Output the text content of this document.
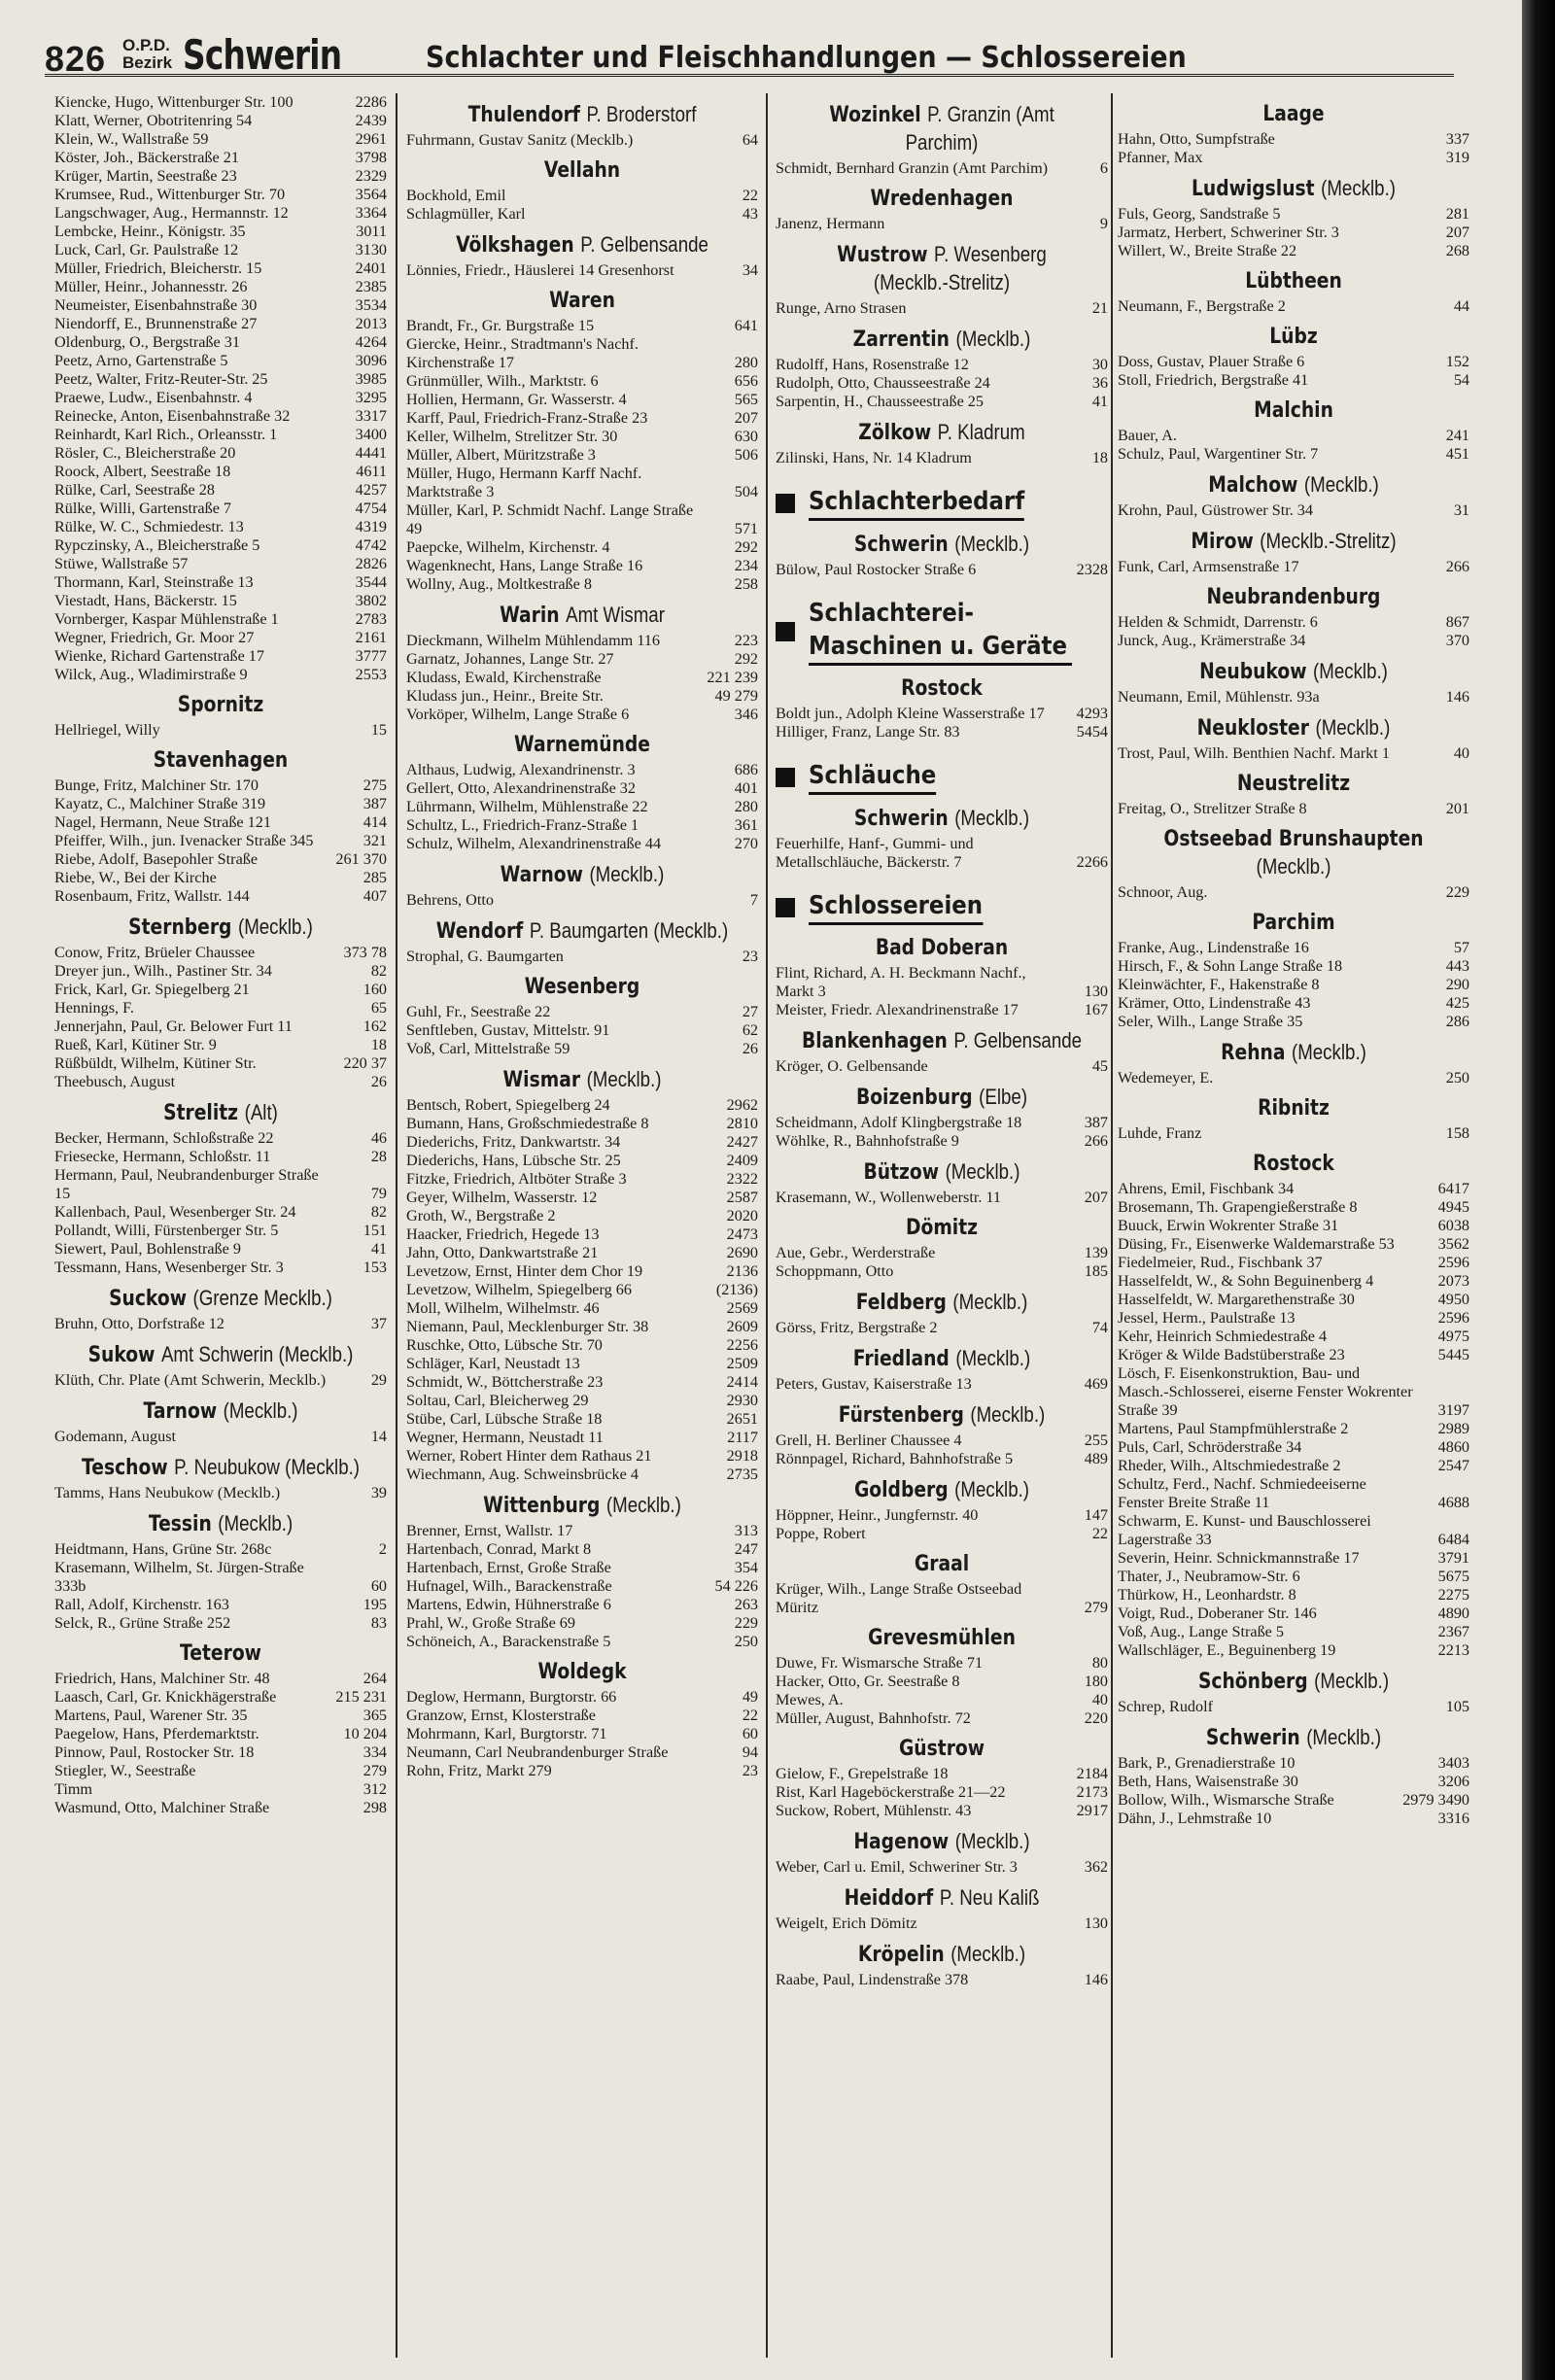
826 O.P.D.
Bezirk Schwerin	Schlachter und Fleischhandlungen — Schlossereien
Kiencke, Hugo, Wittenburger Str. 100	2286
Klatt, Werner, Obotritenring 54	2439
Klein, W., Wallstraße 59	2961
Köster, Joh., Bäckerstraße 21	3798
Krüger, Martin, Seestraße 23	2329
Krumsee, Rud., Wittenburger Str. 70	3564
Langschwager, Aug., Hermannstr. 12	3364
Lembcke, Heinr., Königstr. 35	3011
Luck, Carl, Gr. Paulstraße 12	3130
Müller, Friedrich, Bleicherstr. 15	2401
Müller, Heinr., Johannesstr. 26	2385
Neumeister, Eisenbahnstraße 30	3534
Niendorff, E., Brunnenstraße 27	2013
Oldenburg, O., Bergstraße 31	4264
Peetz, Arno, Gartenstraße 5	3096
Peetz, Walter, Fritz-Reuter-Str. 25	3985
Praewe, Ludw., Eisenbahnstr. 4	3295
Reinecke, Anton, Eisenbahnstraße 32	3317
Reinhardt, Karl Rich., Orleansstr. 1	3400
Rösler, C., Bleicherstraße 20	4441
Roock, Albert, Seestraße 18	4611
Rülke, Carl, Seestraße 28	4257
Rülke, Willi, Gartenstraße 7	4754
Rülke, W. C., Schmiedestr. 13	4319
Rypczinsky, A., Bleicherstraße 5	4742
Stüwe, Wallstraße 57	2826
Thormann, Karl, Steinstraße 13	3544
Viestadt, Hans, Bäckerstr. 15	3802
Vornberger, Kaspar Mühlenstraße 1	2783
Wegner, Friedrich, Gr. Moor 27	2161
Wienke, Richard Gartenstraße 17	3777
Wilck, Aug., Wladimirstraße 9	2553
Spornitz
Hellriegel, Willy	15
Stavenhagen
Bunge, Fritz, Malchiner Str. 170	275
Kayatz, C., Malchiner Straße 319	387
Nagel, Hermann, Neue Straße 121	414
Pfeiffer, Wilh., jun. Ivenacker Straße 345	321
Riebe, Adolf, Basepohler Straße	261 370
Riebe, W., Bei der Kirche	285
Rosenbaum, Fritz, Wallstr. 144	407
Sternberg (Mecklb.)
Conow, Fritz, Brüeler Chaussee	373 78
Dreyer jun., Wilh., Pastiner Str. 34	82
Frick, Karl, Gr. Spiegelberg 21	160
Hennings, F.	65
Jennerjahn, Paul, Gr. Belower Furt 11	162
Rueß, Karl, Kütiner Str. 9	18
Rüßbüldt, Wilhelm, Kütiner Str.	220 37
Theebusch, August	26
Strelitz (Alt)
Becker, Hermann, Schloßstraße 22	46
Friesecke, Hermann, Schloßstr. 11	28
Hermann, Paul, Neubrandenburger Straße 15	79
Kallenbach, Paul, Wesenberger Str. 24	82
Pollandt, Willi, Fürstenberger Str. 5	151
Siewert, Paul, Bohlenstraße 9	41
Tessmann, Hans, Wesenberger Str. 3	153
Suckow (Grenze Mecklb.)
Bruhn, Otto, Dorfstraße 12	37
Sukow Amt Schwerin (Mecklb.)
Klüth, Chr. Plate (Amt Schwerin, Mecklb.)	29
Tarnow (Mecklb.)
Godemann, August	14
Teschow P. Neubukow (Mecklb.)
Tamms, Hans Neubukow (Mecklb.)	39
Tessin (Mecklb.)
Heidtmann, Hans, Grüne Str. 268c	2
Krasemann, Wilhelm, St. Jürgen-Straße 333b	60
Rall, Adolf, Kirchenstr. 163	195
Selck, R., Grüne Straße 252	83
Teterow
Friedrich, Hans, Malchiner Str. 48	264
Laasch, Carl, Gr. Knickhägerstraße	215 231
Martens, Paul, Warener Str. 35	365
Paegelow, Hans, Pferdemarktstr.	10 204
Pinnow, Paul, Rostocker Str. 18	334
Stiegler, W., Seestraße	279
Timm	312
Wasmund, Otto, Malchiner Straße	298
Thulendorf P. Broderstorf
Fuhrmann, Gustav Sanitz (Mecklb.)	64
Vellahn
Bockhold, Emil	22
Schlagmüller, Karl	43
Völkshagen P. Gelbensande
Lönnies, Friedr., Häuslerei 14 Gresenhorst	34
Waren
Brandt, Fr., Gr. Burgstraße 15	641
Giercke, Heinr., Stradtmann's Nachf. Kirchenstraße 17	280
Grünmüller, Wilh., Marktstr. 6	656
Hollien, Hermann, Gr. Wasserstr. 4	565
Karff, Paul, Friedrich-Franz-Straße 23	207
Keller, Wilhelm, Strelitzer Str. 30	630
Müller, Albert, Müritzstraße 3	506
Müller, Hugo, Hermann Karff Nachf. Marktstraße 3	504
Müller, Karl, P. Schmidt Nachf. Lange Straße 49	571
Paepcke, Wilhelm, Kirchenstr. 4	292
Wagenknecht, Hans, Lange Straße 16	234
Wollny, Aug., Moltkestraße 8	258
Warin Amt Wismar
Dieckmann, Wilhelm Mühlendamm 116	223
Garnatz, Johannes, Lange Str. 27	292
Kludass, Ewald, Kirchenstraße	221 239
Kludass jun., Heinr., Breite Str.	49 279
Vorköper, Wilhelm, Lange Straße 6	346
Warnemünde
Althaus, Ludwig, Alexandrinenstr. 3	686
Gellert, Otto, Alexandrinenstraße 32	401
Lührmann, Wilhelm, Mühlenstraße 22	280
Schultz, L., Friedrich-Franz-Straße 1	361
Schulz, Wilhelm, Alexandrinenstraße 44	270
Warnow (Mecklb.)
Behrens, Otto	7
Wendorf P. Baumgarten (Mecklb.)
Strophal, G. Baumgarten	23
Wesenberg
Guhl, Fr., Seestraße 22	27
Senftleben, Gustav, Mittelstr. 91	62
Voß, Carl, Mittelstraße 59	26
Wismar (Mecklb.)
Bentsch, Robert, Spiegelberg 24	2962
Bumann, Hans, Großschmiedestraße 8	2810
Diederichs, Fritz, Dankwartstr. 34	2427
Diederichs, Hans, Lübsche Str. 25	2409
Fitzke, Friedrich, Altböter Straße 3	2322
Geyer, Wilhelm, Wasserstr. 12	2587
Groth, W., Bergstraße 2	2020
Haacker, Friedrich, Hegede 13	2473
Jahn, Otto, Dankwartstraße 21	2690
Levetzow, Ernst, Hinter dem Chor 19	2136
Levetzow, Wilhelm, Spiegelberg 66	(2136)
Moll, Wilhelm, Wilhelmstr. 46	2569
Niemann, Paul, Mecklenburger Str. 38	2609
Ruschke, Otto, Lübsche Str. 70	2256
Schläger, Karl, Neustadt 13	2509
Schmidt, W., Böttcherstraße 23	2414
Soltau, Carl, Bleicherweg 29	2930
Stübe, Carl, Lübsche Straße 18	2651
Wegner, Hermann, Neustadt 11	2117
Werner, Robert Hinter dem Rathaus 21	2918
Wiechmann, Aug. Schweinsbrücke 4	2735
Wittenburg (Mecklb.)
Brenner, Ernst, Wallstr. 17	313
Hartenbach, Conrad, Markt 8	247
Hartenbach, Ernst, Große Straße	354
Hufnagel, Wilh., Barackenstraße	54 226
Martens, Edwin, Hühnerstraße 6	263
Prahl, W., Große Straße 69	229
Schöneich, A., Barackenstraße 5	250
Woldegk
Deglow, Hermann, Burgtorstr. 66	49
Granzow, Ernst, Klosterstraße	22
Mohrmann, Karl, Burgtorstr. 71	60
Neumann, Carl Neubrandenburger Straße	94
Rohn, Fritz, Markt 279	23
Wozinkel P. Granzin (Amt Parchim)
Schmidt, Bernhard Granzin (Amt Parchim)	6
Wredenhagen
Janenz, Hermann	9
Wustrow P. Wesenberg (Mecklb.-Strelitz)
Runge, Arno Strasen	21
Zarrentin (Mecklb.)
Rudolff, Hans, Rosenstraße 12	30
Rudolph, Otto, Chausseestraße 24	36
Sarpentin, H., Chausseestraße 25	41
Zölkow P. Kladrum
Zilinski, Hans, Nr. 14 Kladrum	18
Schlachterbedarf
Schwerin (Mecklb.)
Bülow, Paul Rostocker Straße 6	2328
Schlachterei-Maschinen u. Geräte
Rostock
Boldt jun., Adolph Kleine Wasserstraße 17	4293
Hilliger, Franz, Lange Str. 83	5454
Schläuche
Schwerin (Mecklb.)
Feuerhilfe, Hanf-, Gummi- und Metallschläuche, Bäckerstr. 7	2266
Schlossereien
Bad Doberan
Flint, Richard, A. H. Beckmann Nachf., Markt 3	130
Meister, Friedr. Alexandrinenstraße 17	167
Blankenhagen P. Gelbensande
Kröger, O. Gelbensande	45
Boizenburg (Elbe)
Scheidmann, Adolf Klingbergstraße 18	387
Wöhlke, R., Bahnhofstraße 9	266
Bützow (Mecklb.)
Krasemann, W., Wollenweberstr. 11	207
Dömitz
Aue, Gebr., Werderstraße	139
Schoppmann, Otto	185
Feldberg (Mecklb.)
Görss, Fritz, Bergstraße 2	74
Friedland (Mecklb.)
Peters, Gustav, Kaiserstraße 13	469
Fürstenberg (Mecklb.)
Grell, H. Berliner Chaussee 4	255
Rönnpagel, Richard, Bahnhofstraße 5	489
Goldberg (Mecklb.)
Höppner, Heinr., Jungfernstr. 40	147
Poppe, Robert	22
Graal
Krüger, Wilh., Lange Straße Ostseebad Müritz	279
Grevesmühlen
Duwe, Fr. Wismarsche Straße 71	80
Hacker, Otto, Gr. Seestraße 8	180
Mewes, A.	40
Müller, August, Bahnhofstr. 72	220
Güstrow
Gielow, F., Grepelstraße 18	2184
Rist, Karl Hageböckerstraße 21—22	2173
Suckow, Robert, Mühlenstr. 43	2917
Hagenow (Mecklb.)
Weber, Carl u. Emil, Schweriner Str. 3	362
Heiddorf P. Neu Kaliß
Weigelt, Erich Dömitz	130
Kröpelin (Mecklb.)
Raabe, Paul, Lindenstraße 378	146
Laage
Hahn, Otto, Sumpfstraße	337
Pfanner, Max	319
Ludwigslust (Mecklb.)
Fuls, Georg, Sandstraße 5	281
Jarmatz, Herbert, Schweriner Str. 3	207
Willert, W., Breite Straße 22	268
Lübtheen
Neumann, F., Bergstraße 2	44
Lübz
Doss, Gustav, Plauer Straße 6	152
Stoll, Friedrich, Bergstraße 41	54
Malchin
Bauer, A.	241
Schulz, Paul, Wargentiner Str. 7	451
Malchow (Mecklb.)
Krohn, Paul, Güstrower Str. 34	31
Mirow (Mecklb.-Strelitz)
Funk, Carl, Armsenstraße 17	266
Neubrandenburg
Helden & Schmidt, Darrenstr. 6	867
Junck, Aug., Krämerstraße 34	370
Neubukow (Mecklb.)
Neumann, Emil, Mühlenstr. 93a	146
Neukloster (Mecklb.)
Trost, Paul, Wilh. Benthien Nachf. Markt 1	40
Neustrelitz
Freitag, O., Strelitzer Straße 8	201
Ostseebad Brunshaupten (Mecklb.)
Schnoor, Aug.	229
Parchim
Franke, Aug., Lindenstraße 16	57
Hirsch, F., & Sohn Lange Straße 18	443
Kleinwächter, F., Hakenstraße 8	290
Krämer, Otto, Lindenstraße 43	425
Seler, Wilh., Lange Straße 35	286
Rehna (Mecklb.)
Wedemeyer, E.	250
Ribnitz
Luhde, Franz	158
Rostock
Ahrens, Emil, Fischbank 34	6417
Brosemann, Th. Grapengießerstraße 8	4945
Buuck, Erwin Wokrenter Straße 31	6038
Düsing, Fr., Eisenwerke Waldemarstraße 53	3562
Fiedelmeier, Rud., Fischbank 37	2596
Hasselfeldt, W., & Sohn Beguinenberg 4	2073
Hasselfeldt, W. Margarethenstraße 30	4950
Jessel, Herm., Paulstraße 13	2596
Kehr, Heinrich Schmiedestraße 4	4975
Kröger & Wilde Badstüberstraße 23	5445
Lösch, F. Eisenkonstruktion, Bau- und Masch.-Schlosserei, eiserne Fenster Wokrenter Straße 39	3197
Martens, Paul Stampfmühlerstraße 2	2989
Puls, Carl, Schröderstraße 34	4860
Rheder, Wilh., Altschmiedestraße 2	2547
Schultz, Ferd., Nachf. Schmiedeeiserne Fenster Breite Straße 11	4688
Schwarm, E. Kunst- und Bauschlosserei Lagerstraße 33	6484
Severin, Heinr. Schnickmannstraße 17	3791
Thater, J., Neubramow-Str. 6	5675
Thürkow, H., Leonhardstr. 8	2275
Voigt, Rud., Doberaner Str. 146	4890
Voß, Aug., Lange Straße 5	2367
Wallschläger, E., Beguinenberg 19	2213
Schönberg (Mecklb.)
Schrep, Rudolf	105
Schwerin (Mecklb.)
Bark, P., Grenadierstraße 10	3403
Beth, Hans, Waisenstraße 30	3206
Bollow, Wilh., Wismarsche Straße	2979 3490
Dähn, J., Lehmstraße 10	3316
